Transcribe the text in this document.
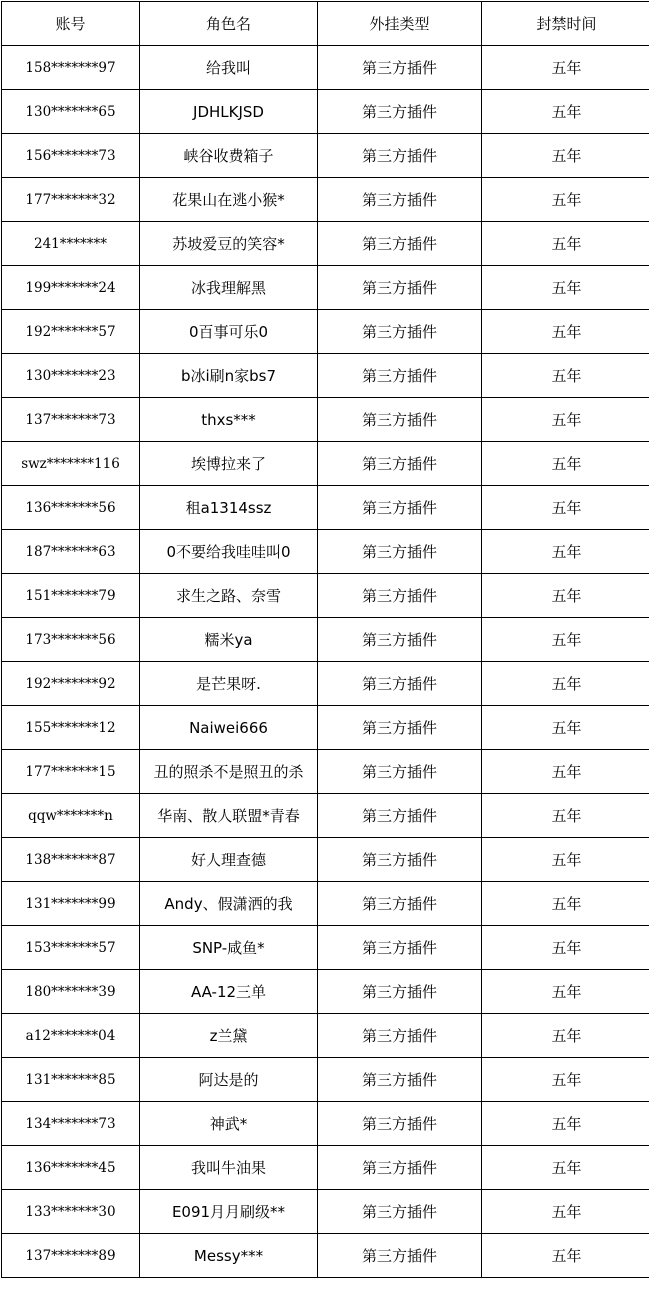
账号	角色名	外挂类型	封禁时间
158*******97	给我叫	第三方插件	五年
130*******65	JDHLKJSD	第三方插件	五年
156*******73	峡谷收费箱子	第三方插件	五年
177*******32	花果山在逃小猴*	第三方插件	五年
241*******	苏坡爱豆的笑容*	第三方插件	五年
199*******24	冰我理解黑	第三方插件	五年
192*******57	0百事可乐0	第三方插件	五年
130*******23	b冰i刷n家bs7	第三方插件	五年
137*******73	thxs***	第三方插件	五年
swz*******116	埃博拉来了	第三方插件	五年
136*******56	租a1314ssz	第三方插件	五年
187*******63	0不要给我哇哇叫0	第三方插件	五年
151*******79	求生之路、奈雪	第三方插件	五年
173*******56	糯米ya	第三方插件	五年
192*******92	是芒果呀.	第三方插件	五年
155*******12	Naiwei666	第三方插件	五年
177*******15	丑的照杀不是照丑的杀	第三方插件	五年
qqw*******n	华南、散人联盟*青春	第三方插件	五年
138*******87	好人理查德	第三方插件	五年
131*******99	Andy、假潇洒的我	第三方插件	五年
153*******57	SNP-咸鱼*	第三方插件	五年
180*******39	AA-12三单	第三方插件	五年
a12*******04	z兰黛	第三方插件	五年
131*******85	阿达是的	第三方插件	五年
134*******73	神武*	第三方插件	五年
136*******45	我叫牛油果	第三方插件	五年
133*******30	E091月月刷级**	第三方插件	五年
137*******89	Messy***	第三方插件	五年
